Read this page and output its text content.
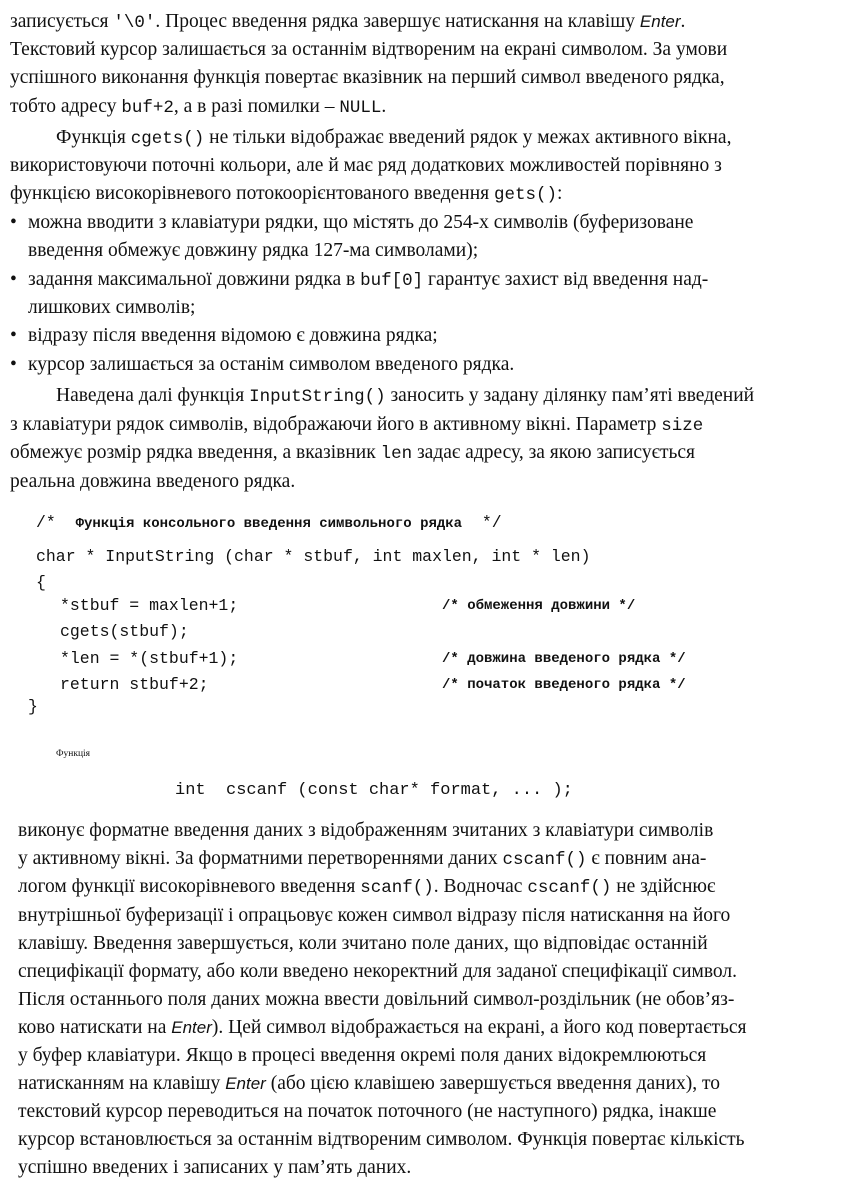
записується '\0'. Процес введення рядка завершує натискання на клавішу Enter.
Текстовий курсор залишається за останнім відтвореним на екрані символом. За умови
успішного виконання функція повертає вказівник на перший символ введеного рядка,
тобто адресу buf+2, а в разі помилки – NULL.
Функція cgets() не тільки відображає введений рядок у межах активного вікна,
використовуючи поточні кольори, але й має ряд додаткових можливостей порівняно з
функцією високорівневого потокоорієнтованого введення gets():
• можна вводити з клавіатури рядки, що містять до 254-х символів (буферизоване
введення обмежує довжину рядка 127-ма символами);
• задання максимальної довжини рядка в buf[0] гарантує захист від введення над-
лишкових символів;
• відразу після введення відомою є довжина рядка;
• курсор залишається за останім символом введеного рядка.
Наведена далі функція InputString() заносить у задану ділянку пам’яті введений
з клавіатури рядок символів, відображаючи його в активному вікні. Параметр size
обмежує розмір рядка введення, а вказівник len задає адресу, за якою записується
реальна довжина введеного рядка.
/*  Функція консольного введення символьного рядка  */
char * InputString (char * stbuf, int maxlen, int * len)
{
*stbuf = maxlen+1;	/* обмеження довжини */
cgets(stbuf);
*len = *(stbuf+1);	/* довжина введеного рядка */
return stbuf+2;	/* початок введеного рядка */
}
Функція
int  cscanf (const char* format, ... );
виконує форматне введення даних з відображенням зчитаних з клавіатури символів
у активному вікні. За форматними перетвореннями даних cscanf() є повним ана-
логом функції високорівневого введення scanf(). Водночас cscanf() не здійснює
внутрішньої буферизації і опрацьовує кожен символ відразу після натискання на його
клавішу. Введення завершується, коли зчитано поле даних, що відповідає останній
специфікації формату, або коли введено некоректний для заданої специфікації символ.
Після останнього поля даних можна ввести довільний символ-роздільник (не обов’яз-
ково натискати на Enter). Цей символ відображається на екрані, а його код повертається
у буфер клавіатури. Якщо в процесі введення окремі поля даних відокремлюються
натисканням на клавішу Enter (або цією клавішею завершується введення даних), то
текстовий курсор переводиться на початок поточного (не наступного) рядка, інакше
курсор встановлюється за останнім відтвореним символом. Функція повертає кількість
успішно введених і записаних у пам’ять даних.
